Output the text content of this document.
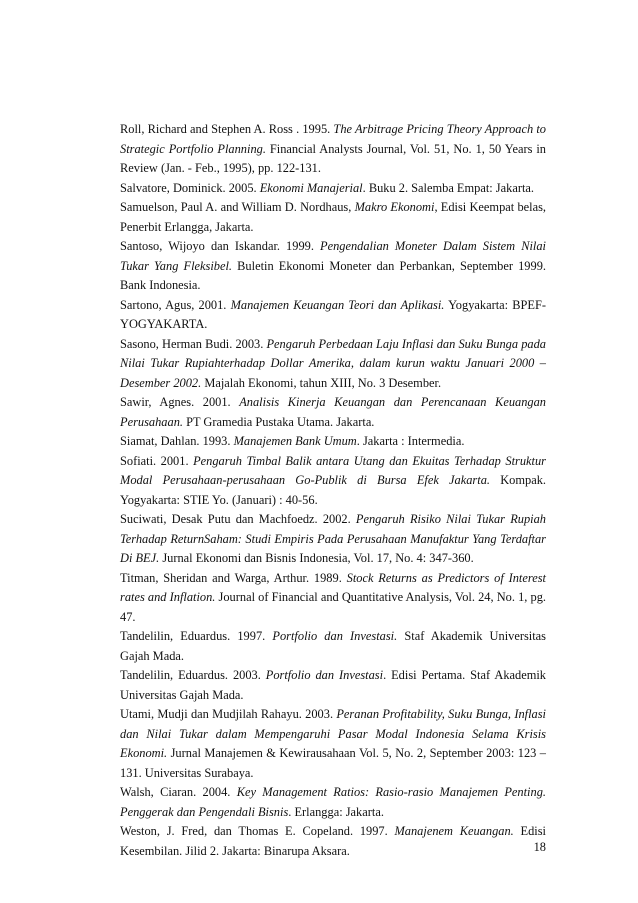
Roll, Richard and Stephen A. Ross . 1995. The Arbitrage Pricing Theory Approach to Strategic Portfolio Planning. Financial Analysts Journal, Vol. 51, No. 1, 50 Years in Review (Jan. - Feb., 1995), pp. 122-131.

Salvatore, Dominick. 2005. Ekonomi Manajerial. Buku 2. Salemba Empat: Jakarta.

Samuelson, Paul A. and William D. Nordhaus, Makro Ekonomi, Edisi Keempat belas, Penerbit Erlangga, Jakarta.

Santoso, Wijoyo dan Iskandar. 1999. Pengendalian Moneter Dalam Sistem Nilai Tukar Yang Fleksibel. Buletin Ekonomi Moneter dan Perbankan, September 1999. Bank Indonesia.

Sartono, Agus, 2001. Manajemen Keuangan Teori dan Aplikasi. Yogyakarta: BPEF-YOGYAKARTA.

Sasono, Herman Budi. 2003. Pengaruh Perbedaan Laju Inflasi dan Suku Bunga pada Nilai Tukar Rupiahterhadap Dollar Amerika, dalam kurun waktu Januari 2000 – Desember 2002. Majalah Ekonomi, tahun XIII, No. 3 Desember.

Sawir, Agnes. 2001. Analisis Kinerja Keuangan dan Perencanaan Keuangan Perusahaan. PT Gramedia Pustaka Utama. Jakarta.

Siamat, Dahlan. 1993. Manajemen Bank Umum. Jakarta : Intermedia.

Sofiati. 2001. Pengaruh Timbal Balik antara Utang dan Ekuitas Terhadap Struktur Modal Perusahaan-perusahaan Go-Publik di Bursa Efek Jakarta. Kompak. Yogyakarta: STIE Yo. (Januari) : 40-56.

Suciwati, Desak Putu dan Machfoedz. 2002. Pengaruh Risiko Nilai Tukar Rupiah Terhadap ReturnSaham: Studi Empiris Pada Perusahaan Manufaktur Yang Terdaftar Di BEJ. Jurnal Ekonomi dan Bisnis Indonesia, Vol. 17, No. 4: 347-360.

Titman, Sheridan and Warga, Arthur. 1989. Stock Returns as Predictors of Interest rates and Inflation. Journal of Financial and Quantitative Analysis, Vol. 24, No. 1, pg. 47.

Tandelilin, Eduardus. 1997. Portfolio dan Investasi. Staf Akademik Universitas Gajah Mada.

Tandelilin, Eduardus. 2003. Portfolio dan Investasi. Edisi Pertama. Staf Akademik Universitas Gajah Mada.

Utami, Mudji dan Mudjilah Rahayu. 2003. Peranan Profitability, Suku Bunga, Inflasi dan Nilai Tukar dalam Mempengaruhi Pasar Modal Indonesia Selama Krisis Ekonomi. Jurnal Manajemen & Kewirausahaan Vol. 5, No. 2, September 2003: 123 – 131. Universitas Surabaya.

Walsh, Ciaran. 2004. Key Management Ratios: Rasio-rasio Manajemen Penting. Penggerak dan Pengendali Bisnis. Erlangga: Jakarta.

Weston, J. Fred, dan Thomas E. Copeland. 1997. Manajenem Keuangan. Edisi Kesembilan. Jilid 2. Jakarta: Binarupa Aksara.	18
